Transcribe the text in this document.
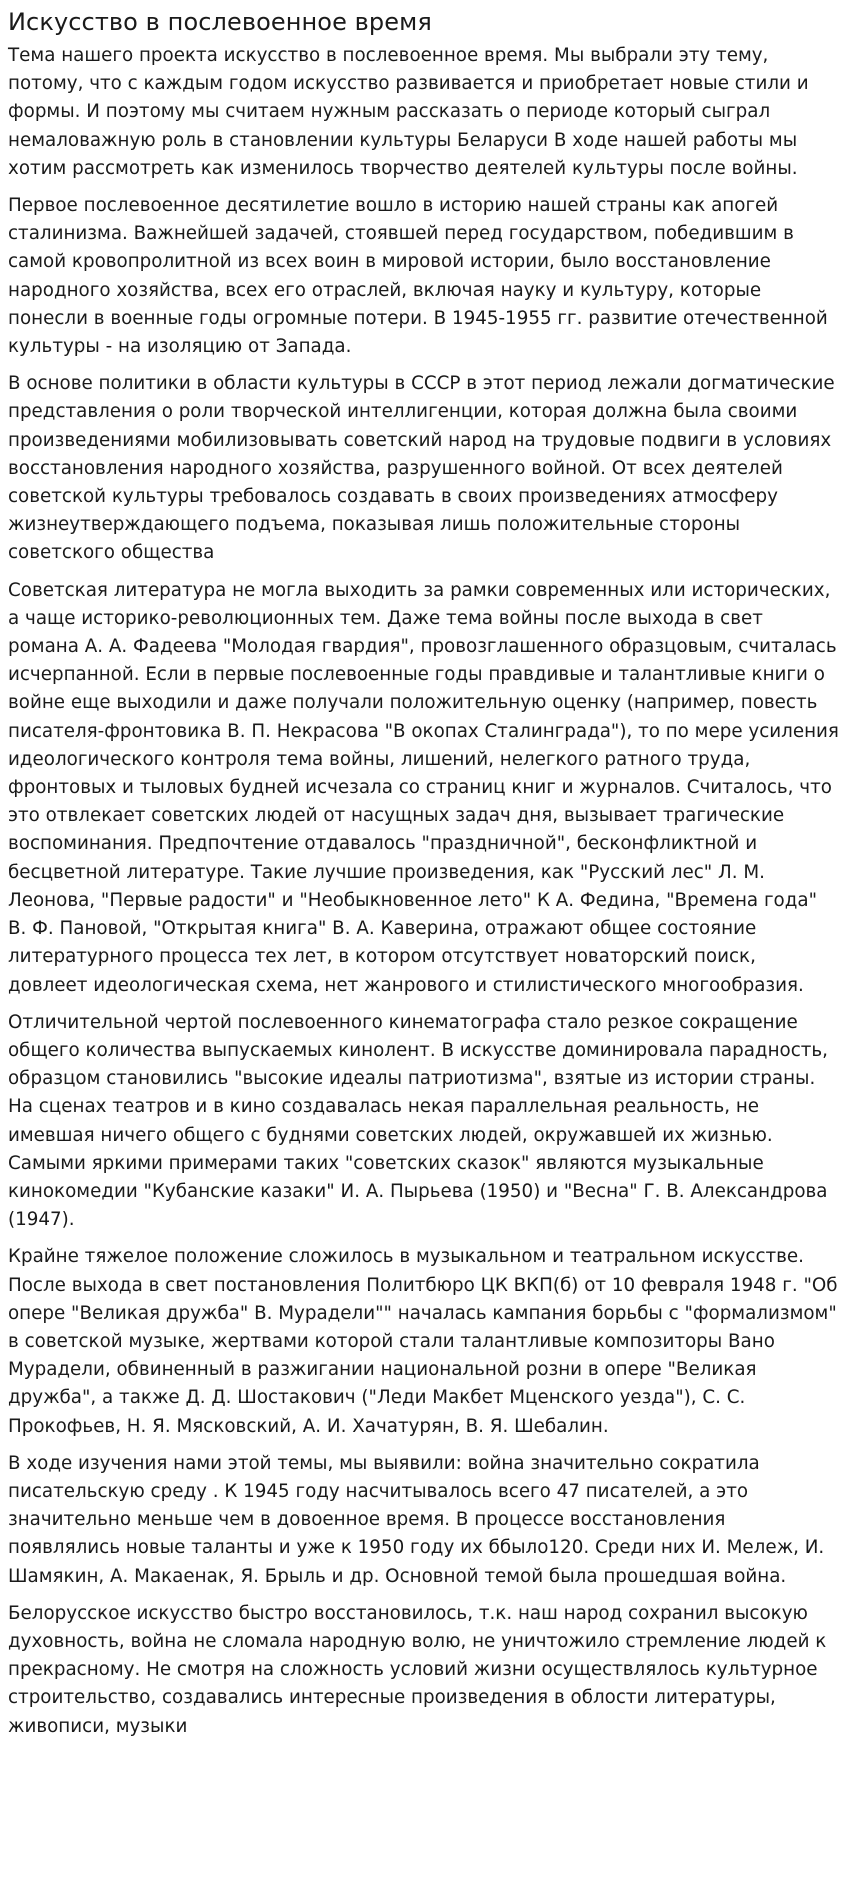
Искусство в послевоенное время

Тема нашего проекта искусство в послевоенное время. Мы выбрали эту тему, потому, что с каждым годом искусство развивается и приобретает новые стили и формы. И поэтому мы считаем нужным рассказать о периоде который сыграл немаловажную роль в становлении культуры Беларуси В ходе нашей работы мы хотим рассмотреть как изменилось творчество деятелей культуры после войны.

Первое послевоенное десятилетие вошло в историю нашей страны как апогей сталинизма. Важнейшей задачей, стоявшей перед государством, победившим в самой кровопролитной из всех воин в мировой истории, было восстановление народного хозяйства, всех его отраслей, включая науку и культуру, которые понесли в военные годы огромные потери. В 1945-1955 гг. развитие отечественной культуры - на изоляцию от Запада.

В основе политики в области культуры в СССР в этот период лежали догматические представления о роли творческой интеллигенции, которая должна была своими произведениями мобилизовывать советский народ на трудовые подвиги в условиях восстановления народного хозяйства, разрушенного войной. От всех деятелей советской культуры требовалось создавать в своих произведениях атмосферу жизнеутверждающего подъема, показывая лишь положительные стороны советского общества

Советская литература не могла выходить за рамки современных или исторических, а чаще историко-революционных тем. Даже тема войны после выхода в свет романа А. А. Фадеева "Молодая гвардия", провозглашенного образцовым, считалась исчерпанной. Если в первые послевоенные годы правдивые и талантливые книги о войне еще выходили и даже получали положительную оценку (например, повесть писателя-фронтовика В. П. Некрасова "В окопах Сталинграда"), то по мере усиления идеологического контроля тема войны, лишений, нелегкого ратного труда, фронтовых и тыловых будней исчезала со страниц книг и журналов. Считалось, что это отвлекает советских людей от насущных задач дня, вызывает трагические воспоминания. Предпочтение отдавалось "праздничной", бесконфликтной и бесцветной литературе. Такие лучшие произведения, как "Русский лес" Л. М. Леонова, "Первые радости" и "Необыкновенное лето" К А. Федина, "Времена года" В. Ф. Пановой, "Открытая книга" В. А. Каверина, отражают общее состояние литературного процесса тех лет, в котором отсутствует новаторский поиск, довлеет идеологическая схема, нет жанрового и стилистического многообразия.

Отличительной чертой послевоенного кинематографа стало резкое сокращение общего количества выпускаемых кинолент. В искусстве доминировала парадность, образцом становились "высокие идеалы патриотизма", взятые из истории страны. На сценах театров и в кино создавалась некая параллельная реальность, не имевшая ничего общего с буднями советских людей, окружавшей их жизнью. Самыми яркими примерами таких "советских сказок" являются музыкальные кинокомедии "Кубанские казаки" И. А. Пырьева (1950) и "Весна" Г. В. Александрова (1947).

Крайне тяжелое положение сложилось в музыкальном и театральном искусстве. После выхода в свет постановления Политбюро ЦК ВКП(б) от 10 февраля 1948 г. "Об опере "Великая дружба" В. Мурадели"" началась кампания борьбы с "формализмом" в советской музыке, жертвами которой стали талантливые композиторы Вано Мурадели, обвиненный в разжигании национальной розни в опере "Великая дружба", а также Д. Д. Шостакович ("Леди Макбет Мценского уезда"), С. С. Прокофьев, Н. Я. Мясковский, А. И. Хачатурян, В. Я. Шебалин.

В ходе изучения нами этой темы, мы выявили: война значительно сократила писательскую среду . К 1945 году насчитывалось всего 47 писателей, а это значительно меньше чем в довоенное время. В процессе восстановления появлялись новые таланты и уже к 1950 году их ббыло120. Среди них И. Мележ, И. Шамякин, А. Макаенак, Я. Брыль и др. Основной темой была прошедшая война.

Белорусское искусство быстро восстановилось, т.к. наш народ сохранил высокую духовность, война не сломала народную волю, не уничтожило стремление людей к прекрасному. Не смотря на сложность условий жизни осуществлялось культурное строительство, создавались интересные произведения в облости литературы, живописи, музыки
